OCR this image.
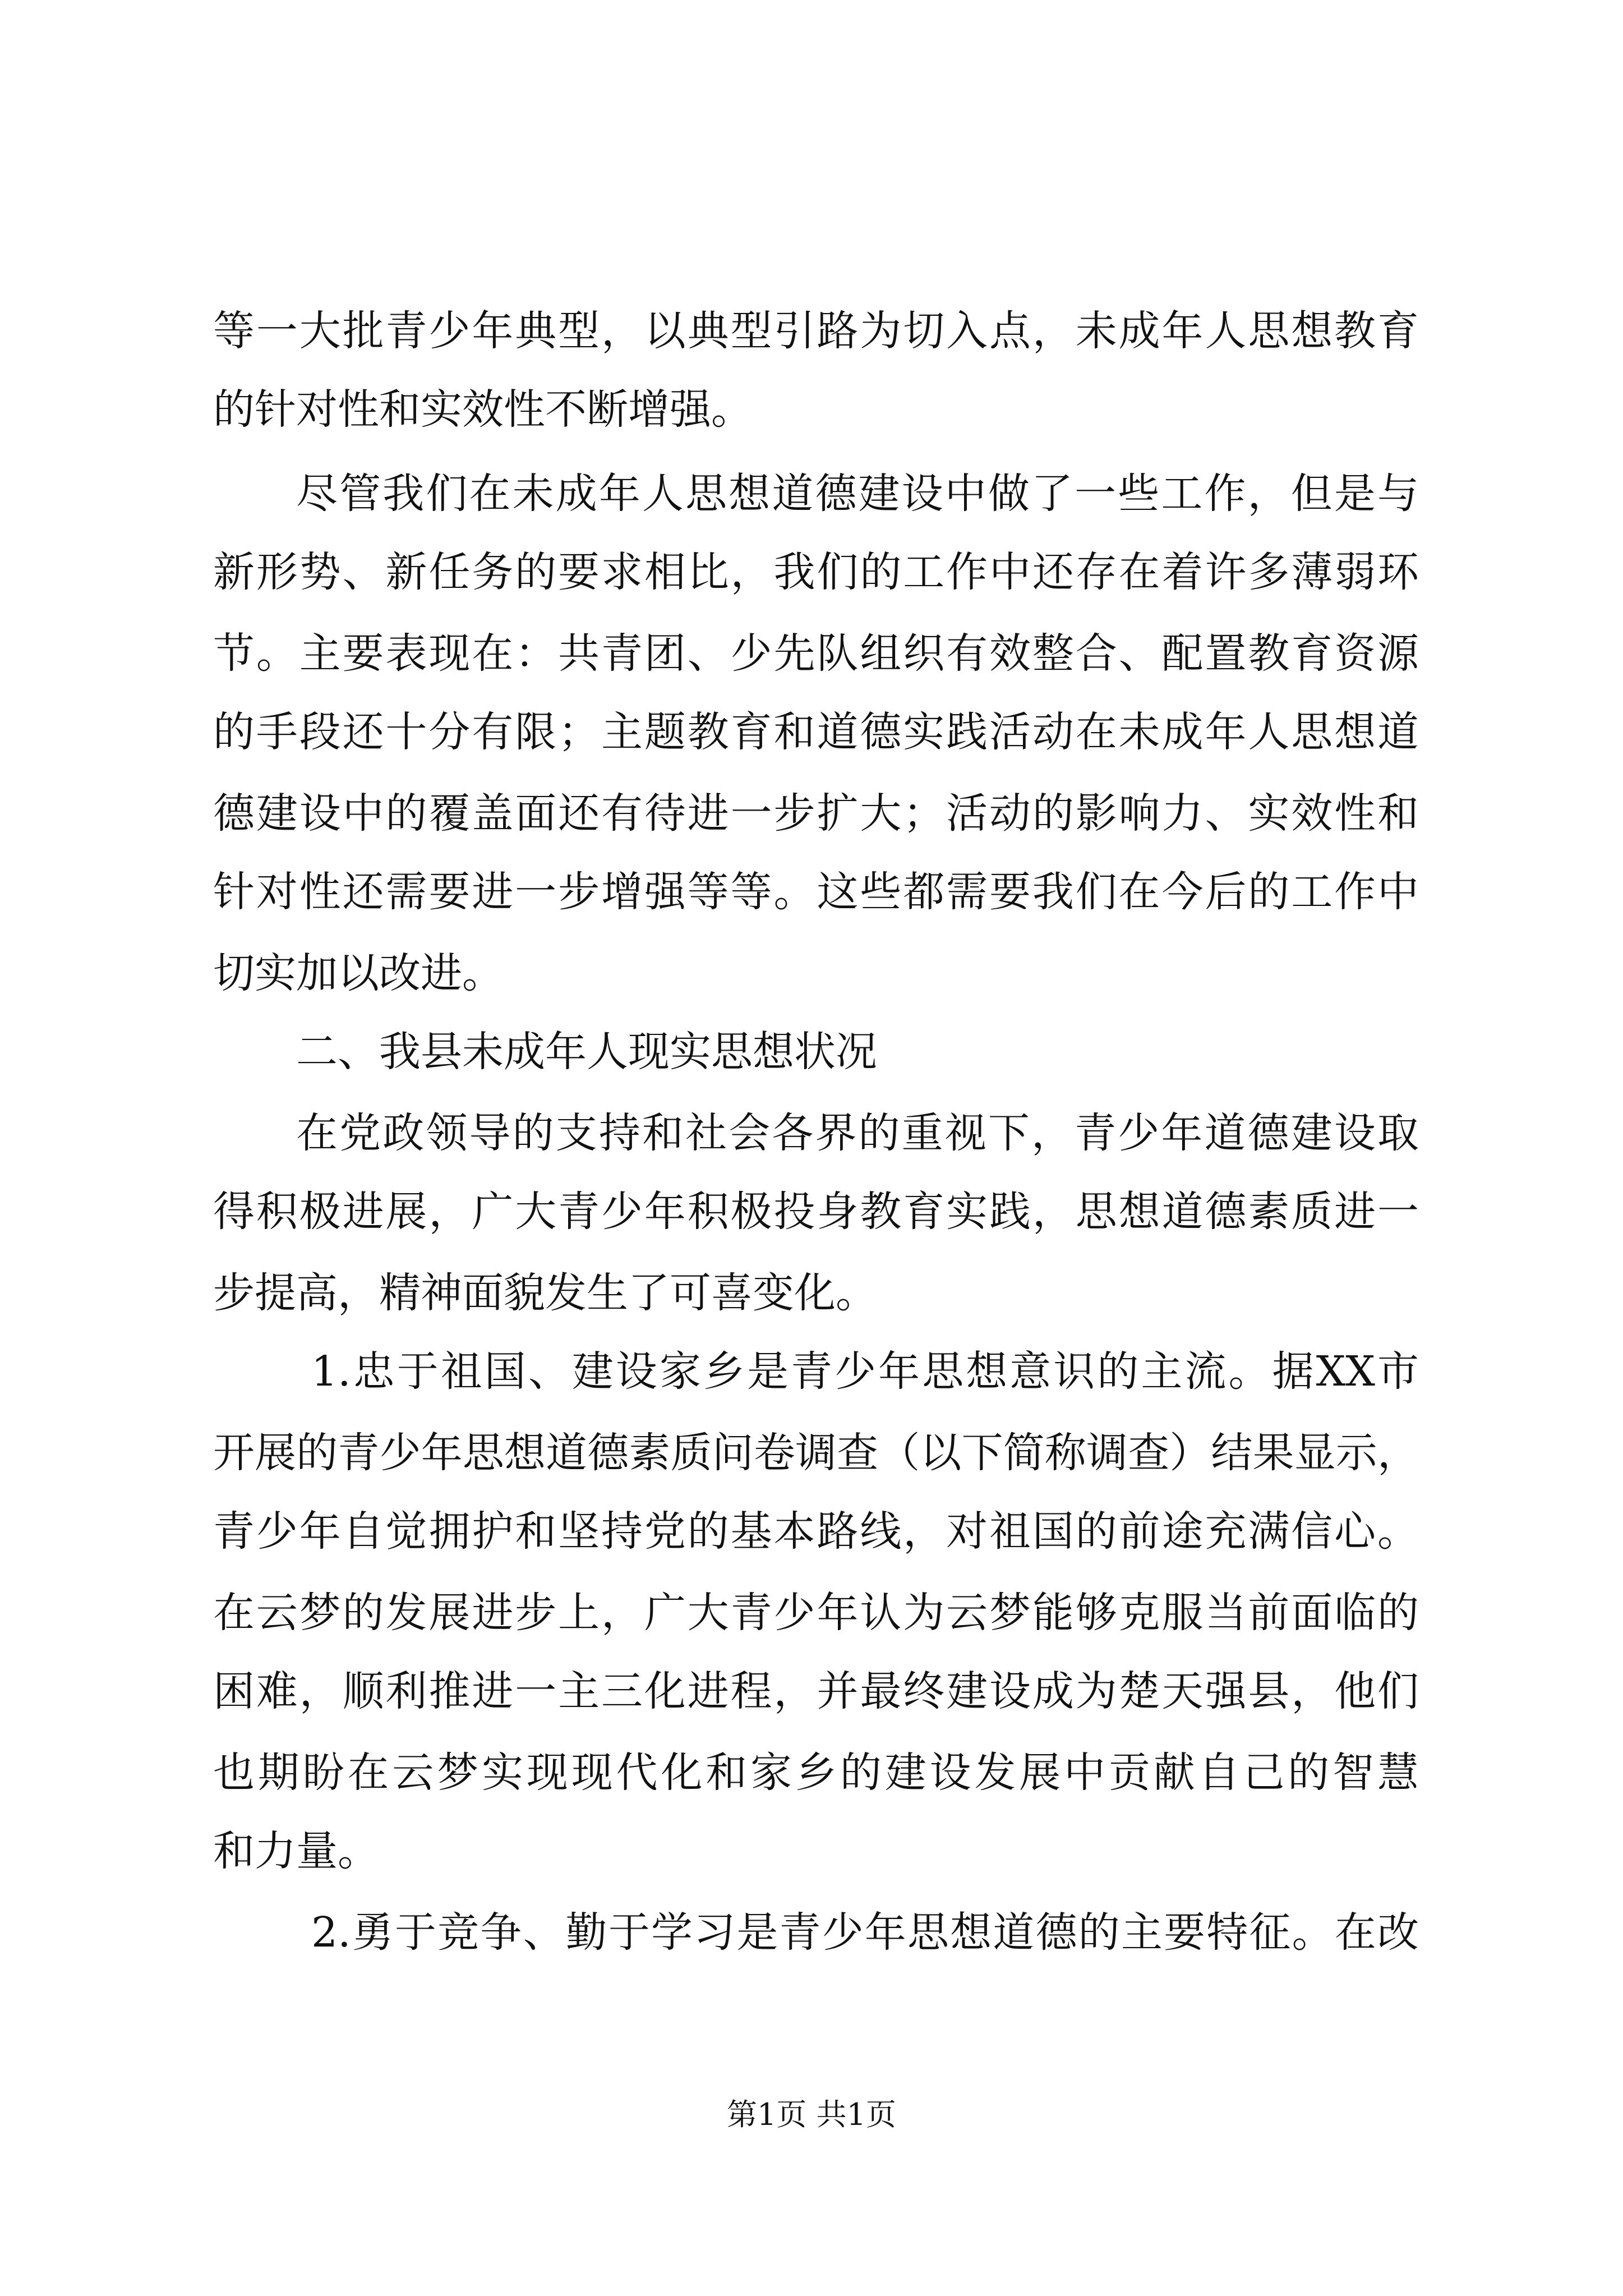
等一大批青少年典型，以典型引路为切入点，未成年人思想教育
的针对性和实效性不断增强。
尽管我们在未成年人思想道德建设中做了一些工作，但是与
新形势、新任务的要求相比，我们的工作中还存在着许多薄弱环
节。主要表现在：共青团、少先队组织有效整合、配置教育资源
的手段还十分有限；主题教育和道德实践活动在未成年人思想道
德建设中的覆盖面还有待进一步扩大；活动的影响力、实效性和
针对性还需要进一步增强等等。这些都需要我们在今后的工作中
切实加以改进。
二、我县未成年人现实思想状况
在党政领导的支持和社会各界的重视下，青少年道德建设取
得积极进展，广大青少年积极投身教育实践，思想道德素质进一
步提高，精神面貌发生了可喜变化。
1.忠于祖国、建设家乡是青少年思想意识的主流。据XX市
开展的青少年思想道德素质问卷调查（以下简称调查）结果显示，
青少年自觉拥护和坚持党的基本路线，对祖国的前途充满信心。
在云梦的发展进步上，广大青少年认为云梦能够克服当前面临的
困难，顺利推进一主三化进程，并最终建设成为楚天强县，他们
也期盼在云梦实现现代化和家乡的建设发展中贡献自己的智慧
和力量。
2.勇于竞争、勤于学习是青少年思想道德的主要特征。在改
第1页 共1页
